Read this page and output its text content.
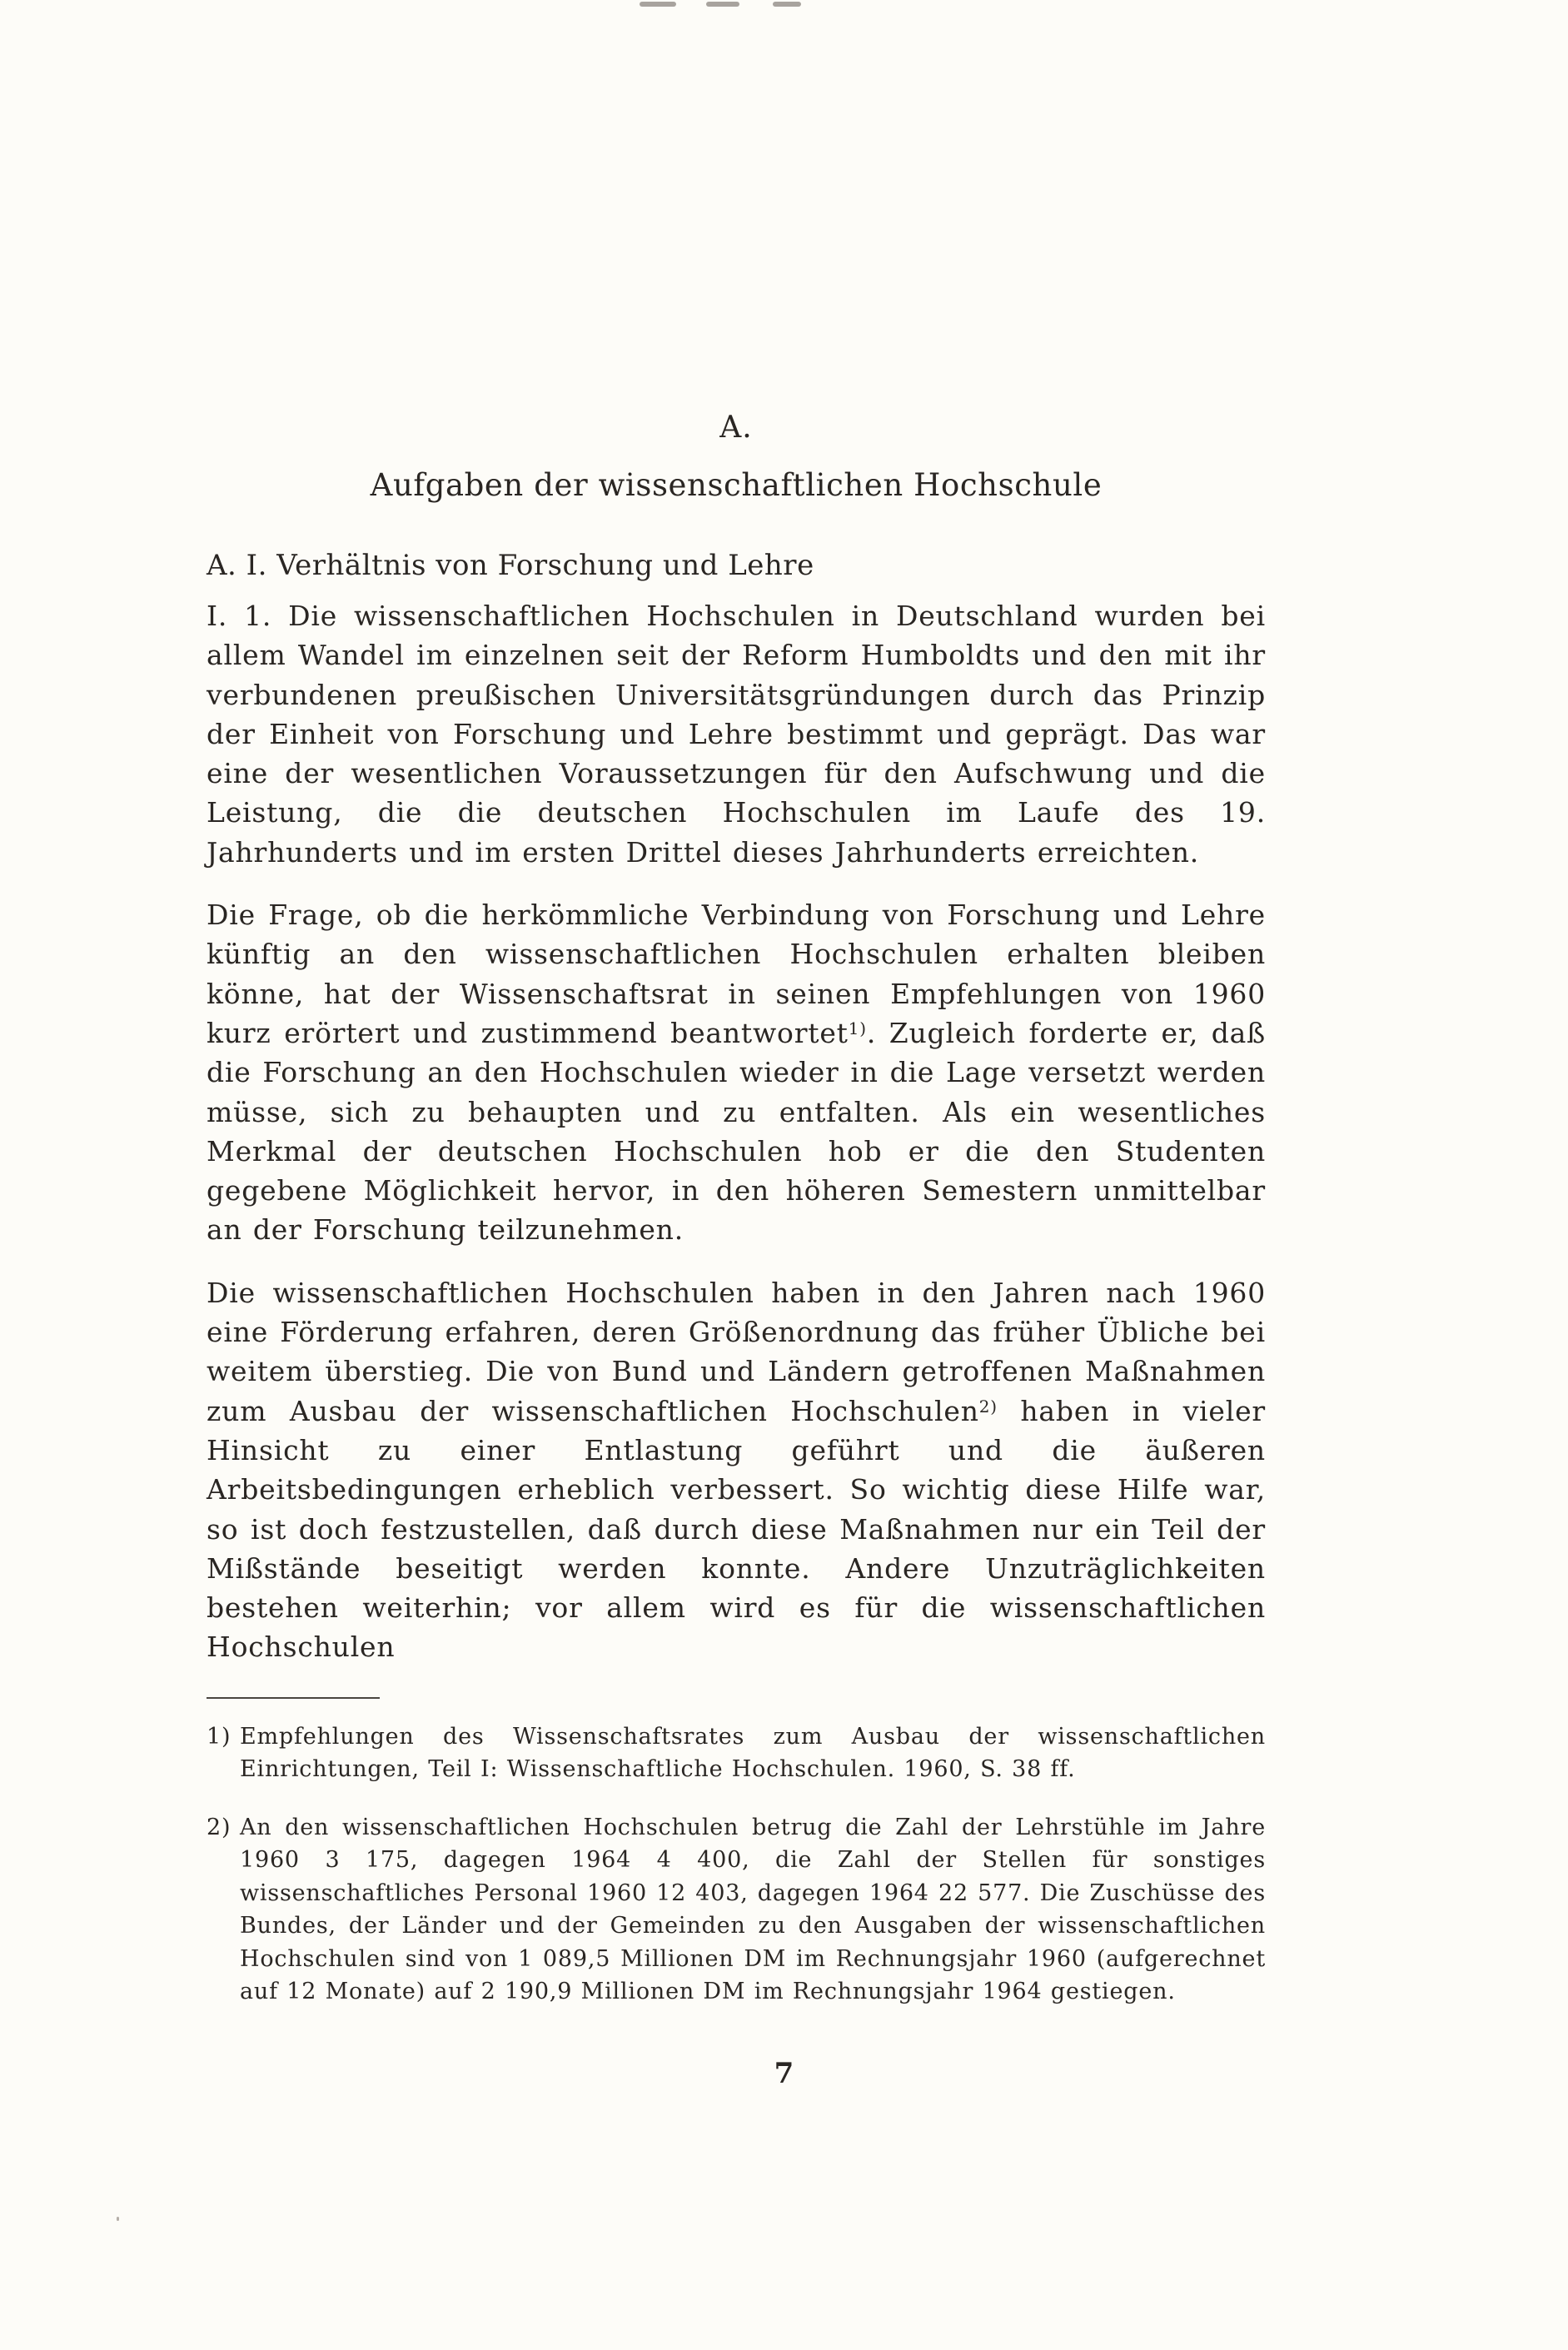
A.
Aufgaben der wissenschaftlichen Hochschule
A. I. Verhältnis von Forschung und Lehre

I. 1. Die wissenschaftlichen Hochschulen in Deutschland wurden bei allem Wandel im einzelnen seit der Reform Humboldts und den mit ihr verbundenen preußischen Universitätsgründungen durch das Prinzip der Einheit von Forschung und Lehre bestimmt und geprägt. Das war eine der wesentlichen Voraussetzungen für den Aufschwung und die Leistung, die die deutschen Hochschulen im Laufe des 19. Jahrhunderts und im ersten Drittel dieses Jahrhunderts erreichten.

Die Frage, ob die herkömmliche Verbindung von Forschung und Lehre künftig an den wissenschaftlichen Hochschulen erhalten bleiben könne, hat der Wissenschaftsrat in seinen Empfehlungen von 1960 kurz erörtert und zustimmend beantwortet$^{1)}$. Zugleich forderte er, daß die Forschung an den Hochschulen wieder in die Lage versetzt werden müsse, sich zu behaupten und zu entfalten. Als ein wesentliches Merkmal der deutschen Hochschulen hob er die den Studenten gegebene Möglichkeit hervor, in den höheren Semestern unmittelbar an der Forschung teilzunehmen.

Die wissenschaftlichen Hochschulen haben in den Jahren nach 1960 eine Förderung erfahren, deren Größenordnung das früher Übliche bei weitem überstieg. Die von Bund und Ländern getroffenen Maßnahmen zum Ausbau der wissenschaftlichen Hochschulen$^{2)}$ haben in vieler Hinsicht zu einer Entlastung geführt und die äußeren Arbeitsbedingungen erheblich verbessert. So wichtig diese Hilfe war, so ist doch festzustellen, daß durch diese Maßnahmen nur ein Teil der Mißstände beseitigt werden konnte. Andere Unzuträglichkeiten bestehen weiterhin; vor allem wird es für die wissenschaftlichen Hochschulen

1) Empfehlungen des Wissenschaftsrates zum Ausbau der wissenschaftlichen Einrichtungen, Teil I: Wissenschaftliche Hochschulen. 1960, S. 38 ff.
2) An den wissenschaftlichen Hochschulen betrug die Zahl der Lehrstühle im Jahre 1960 3 175, dagegen 1964 4 400, die Zahl der Stellen für sonstiges wissenschaftliches Personal 1960 12 403, dagegen 1964 22 577. Die Zuschüsse des Bundes, der Länder und der Gemeinden zu den Ausgaben der wissenschaftlichen Hochschulen sind von 1 089,5 Millionen DM im Rechnungsjahr 1960 (aufgerechnet auf 12 Monate) auf 2 190,9 Millionen DM im Rechnungsjahr 1964 gestiegen.
7
